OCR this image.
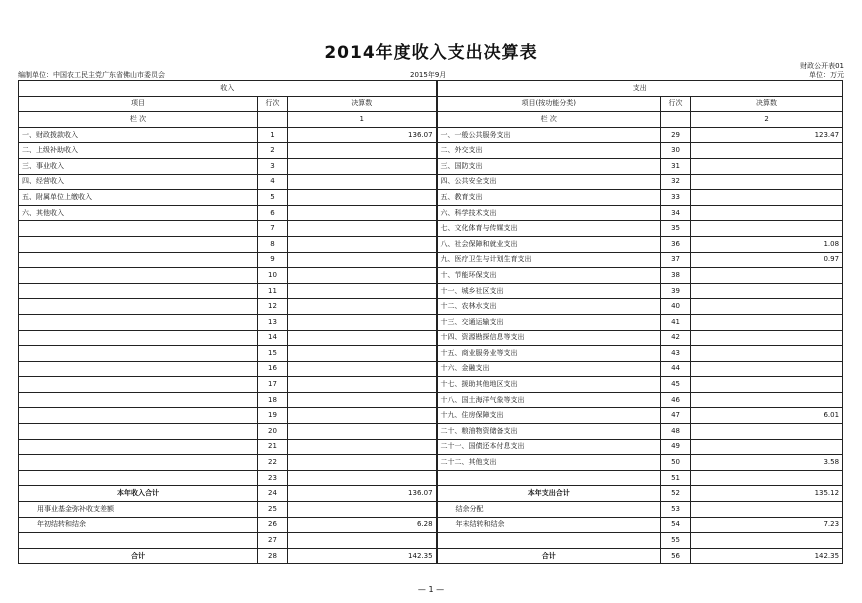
2014年度收入支出决算表
财政公开表01
编制单位：中国农工民主党广东省佛山市委员会	2015年9月	单位：万元
收入			支出		
项目	行次	决算数	项目(按功能分类)	行次	决算数
栏 次		1	栏 次		2
一、财政拨款收入	1	136.07	一、一般公共服务支出	29	123.47
二、上级补助收入	2		二、外交支出	30	
三、事业收入	3		三、国防支出	31	
四、经营收入	4		四、公共安全支出	32	
五、附属单位上缴收入	5		五、教育支出	33	
六、其他收入	6		六、科学技术支出	34	
	7		七、文化体育与传媒支出	35	
	8		八、社会保障和就业支出	36	1.08
	9		九、医疗卫生与计划生育支出	37	0.97
	10		十、节能环保支出	38	
	11		十一、城乡社区支出	39	
	12		十二、农林水支出	40	
	13		十三、交通运输支出	41	
	14		十四、资源勘探信息等支出	42	
	15		十五、商业服务业等支出	43	
	16		十六、金融支出	44	
	17		十七、援助其他地区支出	45	
	18		十八、国土海洋气象等支出	46	
	19		十九、住房保障支出	47	6.01
	20		二十、粮油物资储备支出	48	
	21		二十一、国债还本付息支出	49	
	22		二十二、其他支出	50	3.58
	23			51	
本年收入合计	24	136.07	本年支出合计	52	135.12
用事业基金弥补收支差额	25		结余分配	53	
年初结转和结余	26	6.28	年末结转和结余	54	7.23
	27			55	
合计	28	142.35	合计	56	142.35
— 1 —
